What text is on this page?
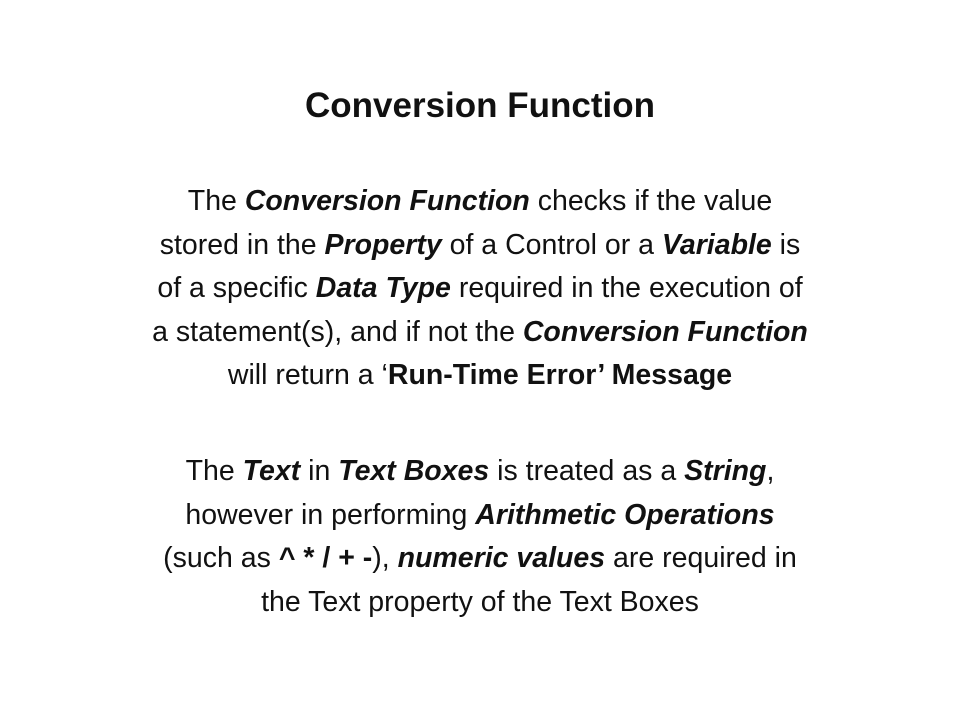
Conversion Function
The Conversion Function checks if the value
stored in the Property of a Control or a Variable is
of a specific Data Type required in the execution of
a statement(s), and if not the Conversion Function
will return a ‘Run-Time Error’ Message
The Text in Text Boxes is treated as a String,
however in performing Arithmetic Operations
(such as ^ * / + -), numeric values are required in
the Text property of the Text Boxes
